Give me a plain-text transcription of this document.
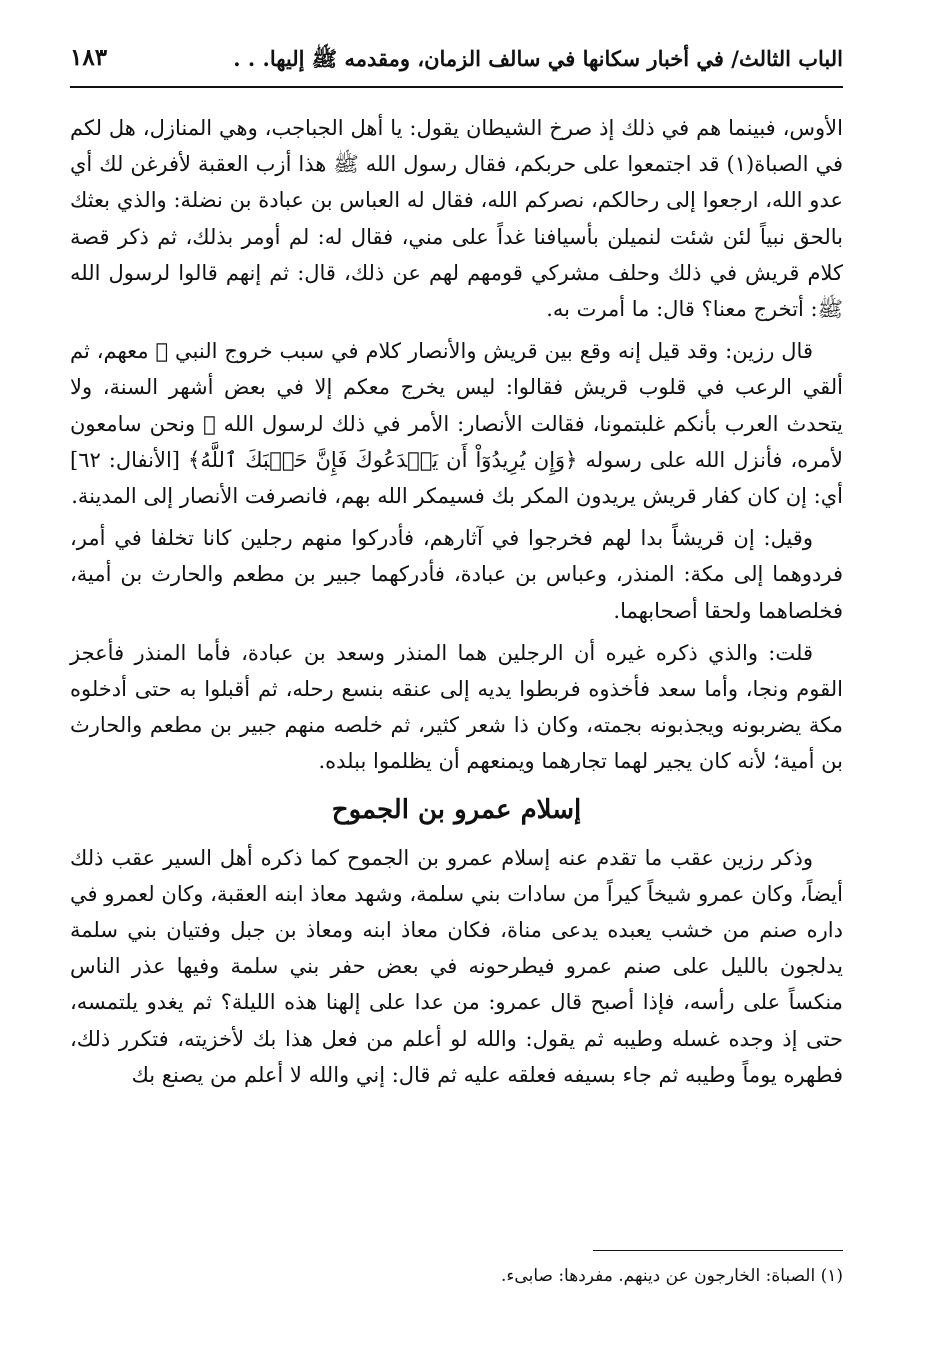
الباب الثالث/ في أخبار سكانها في سالف الزمان، ومقدمه ﷺ إليها. . .
١٨٣

الأوس، فبينما هم في ذلك إذ صرخ الشيطان يقول: يا أهل الجباجب، وهي المنازل، هل لكم في الصباة(١) قد اجتمعوا على حربكم، فقال رسول الله ﷺ هذا أزب العقبة لأفرغن لك أي عدو الله، ارجعوا إلى رحالكم، نصركم الله، فقال له العباس بن عبادة بن نضلة: والذي بعثك بالحق نبياً لئن شئت لنميلن بأسيافنا غداً على مني، فقال له: لم أومر بذلك، ثم ذكر قصة كلام قريش في ذلك وحلف مشركي قومهم لهم عن ذلك، قال: ثم إنهم قالوا لرسول الله ﷺ: أتخرج معنا؟ قال: ما أمرت به.

قال رزين: وقد قيل إنه وقع بين قريش والأنصار كلام في سبب خروج النبي ﷺ معهم، ثم ألقي الرعب في قلوب قريش فقالوا: ليس يخرج معكم إلا في بعض أشهر السنة، ولا يتحدث العرب بأنكم غلبتمونا، فقالت الأنصار: الأمر في ذلك لرسول الله ﷺ ونحن سامعون لأمره، فأنزل الله على رسوله ﴿وَإِن يُرِيدُوٓاْ أَن يَخۡدَعُوكَ فَإِنَّ حَسۡبَكَ ٱللَّهُ﴾ [الأنفال: ٦٢] أي: إن كان كفار قريش يريدون المكر بك فسيمكر الله بهم، فانصرفت الأنصار إلى المدينة.

وقيل: إن قريشاً بدا لهم فخرجوا في آثارهم، فأدركوا منهم رجلين كانا تخلفا في أمر، فردوهما إلى مكة: المنذر، وعباس بن عبادة، فأدركهما جبير بن مطعم والحارث بن أمية، فخلصاهما ولحقا أصحابهما.

قلت: والذي ذكره غيره أن الرجلين هما المنذر وسعد بن عبادة، فأما المنذر فأعجز القوم ونجا، وأما سعد فأخذوه فربطوا يديه إلى عنقه بنسع رحله، ثم أقبلوا به حتى أدخلوه مكة يضربونه ويجذبونه بجمته، وكان ذا شعر كثير، ثم خلصه منهم جبير بن مطعم والحارث بن أمية؛ لأنه كان يجير لهما تجارهما ويمنعهم أن يظلموا ببلده.

إسلام عمرو بن الجموح

وذكر رزين عقب ما تقدم عنه إسلام عمرو بن الجموح كما ذكره أهل السير عقب ذلك أيضاً، وكان عمرو شيخاً كيراً من سادات بني سلمة، وشهد معاذ ابنه العقبة، وكان لعمرو في داره صنم من خشب يعبده يدعى مناة، فكان معاذ ابنه ومعاذ بن جبل وفتيان بني سلمة يدلجون بالليل على صنم عمرو فيطرحونه في بعض حفر بني سلمة وفيها عذر الناس منكساً على رأسه، فإذا أصبح قال عمرو: من عدا على إلهنا هذه الليلة؟ ثم يغدو يلتمسه، حتى إذ وجده غسله وطيبه ثم يقول: والله لو أعلم من فعل هذا بك لأخزيته، فتكرر ذلك، فطهره يوماً وطيبه ثم جاء بسيفه فعلقه عليه ثم قال: إني والله لا أعلم من يصنع بك

(١) الصباة: الخارجون عن دينهم. مفردها: صابىء.
